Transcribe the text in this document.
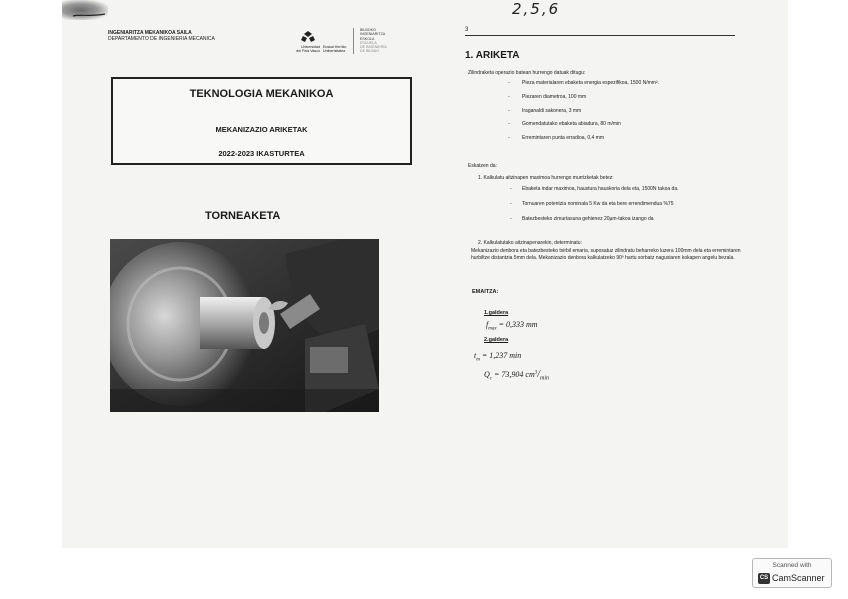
2,5,6
3
INGENIARITZA MEKANIKOA SAILA
DEPARTAMENTO DE INGENIERIA MECANICA
Universidad
del País Vasco
Euskal Herriko
Unibertsitatea
BILBOKO
INGENIARITZA
ESKOLA
ESCUELA
DE INGENIERÍA
DE BILBAO
TEKNOLOGIA MEKANIKOA
MEKANIZAZIO ARIKETAK
2022-2023 IKASTURTEA
TORNEAKETA
1. ARIKETA
Zilindraketa operazio batean hurrengo datuak ditugu:
- Pieza materialaren ebaketa energia espezifikoa, 1500 N/mm².
- Piezaren diametroa, 100 mm
- Iraganaldi sakonera, 3 mm
- Gomendatutako ebaketa abiadura, 80 m/min
- Erremintaren punta erradioa, 0,4 mm
Eskatzen da:
1. Kalkulatu aitzinapen maximoa hurrengo murrizketak betez:
- Ebaketa indar maximoa, haustura hauskoria dela eta, 1500N takoa da.
- Tornuaren potentzia nominala 5 Kw da eta bere errendimendua %75
- Batezbesteko zimurtasuna gehienez 20µm-takoa izango da
2. Kalkulatutako aitzinapenarekin, determinatu:
Mekanizazio denbora eta batezbesteko txirbil emaria, suposatuz zilindratu beharreko luzera 100mm dela eta erremintaren hurbiltze distantzia 5mm dela. Mekanizazio denbora kalkulatzeko 90º hartu sorbatz nagusiaren kokapen angelu bezala.
EMAITZA:
1.galdera
$f_{max} = 0,333$ mm
2.galdera
$t_m = 1,237$ min
$Q_c = 73,904$ $cm^3/_{min}$
Scanned with
CS CamScanner
